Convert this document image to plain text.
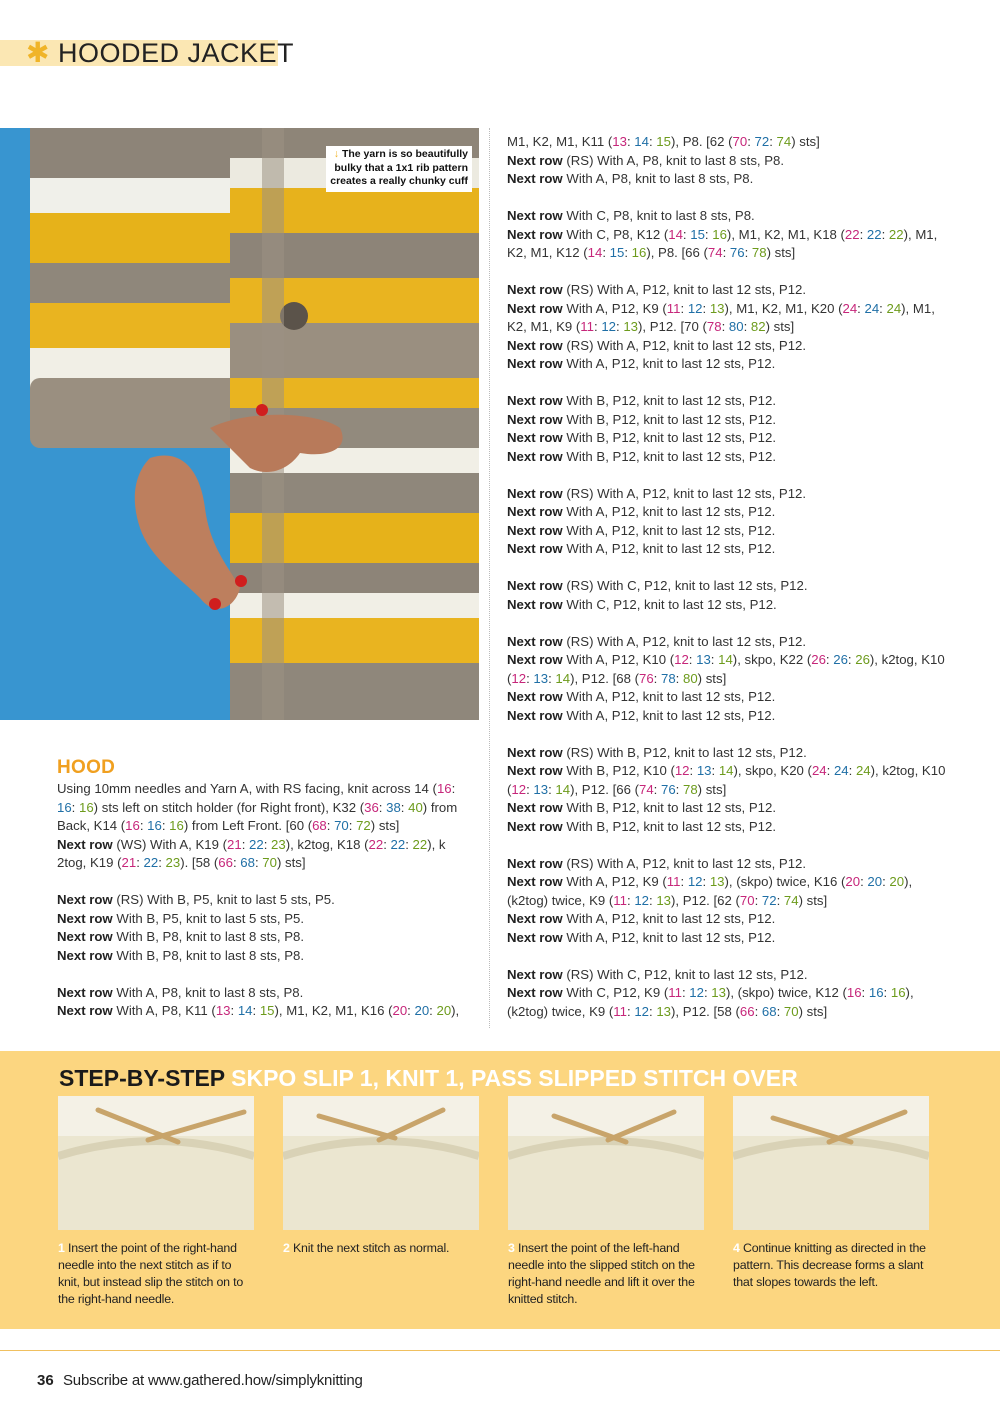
✱ HOODED JACKET
↓ The yarn is so beautifully bulky that a 1x1 rib pattern creates a really chunky cuff
HOOD

Using 10mm needles and Yarn A, with RS facing, knit across 14 (16: 16: 16) sts left on stitch holder (for Right front), K32 (36: 38: 40) from Back, K14 (16: 16: 16) from Left Front. [60 (68: 70: 72) sts]

Next row (WS) With A, K19 (21: 22: 23), k2tog, K18 (22: 22: 22), k 2tog, K19 (21: 22: 23). [58 (66: 68: 70) sts]

Next row (RS) With B, P5, knit to last 5 sts, P5.

Next row With B, P5, knit to last 5 sts, P5.

Next row With B, P8, knit to last 8 sts, P8.

Next row With B, P8, knit to last 8 sts, P8.

Next row With A, P8, knit to last 8 sts, P8.

Next row With A, P8, K11 (13: 14: 15), M1, K2, M1, K16 (20: 20: 20),

M1, K2, M1, K11 (13: 14: 15), P8. [62 (70: 72: 74) sts]

Next row (RS) With A, P8, knit to last 8 sts, P8.

Next row With A, P8, knit to last 8 sts, P8.

Next row With C, P8, knit to last 8 sts, P8.

Next row With C, P8, K12 (14: 15: 16), M1, K2, M1, K18 (22: 22: 22), M1, K2, M1, K12 (14: 15: 16), P8. [66 (74: 76: 78) sts]

Next row (RS) With A, P12, knit to last 12 sts, P12.

Next row With A, P12, K9 (11: 12: 13), M1, K2, M1, K20 (24: 24: 24), M1, K2, M1, K9 (11: 12: 13), P12. [70 (78: 80: 82) sts]

Next row (RS) With A, P12, knit to last 12 sts, P12.

Next row With A, P12, knit to last 12 sts, P12.

Next row With B, P12, knit to last 12 sts, P12.

Next row With B, P12, knit to last 12 sts, P12.

Next row With B, P12, knit to last 12 sts, P12.

Next row With B, P12, knit to last 12 sts, P12.

Next row (RS) With A, P12, knit to last 12 sts, P12.

Next row With A, P12, knit to last 12 sts, P12.

Next row With A, P12, knit to last 12 sts, P12.

Next row With A, P12, knit to last 12 sts, P12.

Next row (RS) With C, P12, knit to last 12 sts, P12.

Next row With C, P12, knit to last 12 sts, P12.

Next row (RS) With A, P12, knit to last 12 sts, P12.

Next row With A, P12, K10 (12: 13: 14), skpo, K22 (26: 26: 26), k2tog, K10 (12: 13: 14), P12. [68 (76: 78: 80) sts]

Next row With A, P12, knit to last 12 sts, P12.

Next row With A, P12, knit to last 12 sts, P12.

Next row (RS) With B, P12, knit to last 12 sts, P12.

Next row With B, P12, K10 (12: 13: 14), skpo, K20 (24: 24: 24), k2tog, K10 (12: 13: 14), P12. [66 (74: 76: 78) sts]

Next row With B, P12, knit to last 12 sts, P12.

Next row With B, P12, knit to last 12 sts, P12.

Next row (RS) With A, P12, knit to last 12 sts, P12.

Next row With A, P12, K9 (11: 12: 13), (skpo) twice, K16 (20: 20: 20), (k2tog) twice, K9 (11: 12: 13), P12. [62 (70: 72: 74) sts]

Next row With A, P12, knit to last 12 sts, P12.

Next row With A, P12, knit to last 12 sts, P12.

Next row (RS) With C, P12, knit to last 12 sts, P12.

Next row With C, P12, K9 (11: 12: 13), (skpo) twice, K12 (16: 16: 16), (k2tog) twice, K9 (11: 12: 13), P12. [58 (66: 68: 70) sts]

STEP-BY-STEP SKPO SLIP 1, KNIT 1, PASS SLIPPED STITCH OVER
1 Insert the point of the right-hand needle into the next stitch as if to knit, but instead slip the stitch on to the right-hand needle.
2 Knit the next stitch as normal.	3 Insert the point of the left-hand needle into the slipped stitch on the right-hand needle and lift it over the knitted stitch.
4 Continue knitting as directed in the pattern. This decrease forms a slant that slopes towards the left.
36 Subscribe at www.gathered.how/simplyknitting
